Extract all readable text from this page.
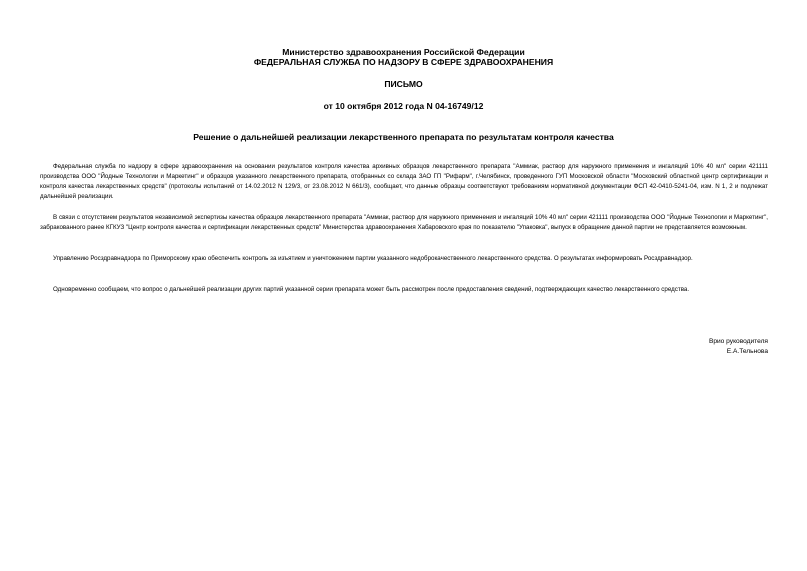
Министерство здравоохранения Российской Федерации
ФЕДЕРАЛЬНАЯ СЛУЖБА ПО НАДЗОРУ В СФЕРЕ ЗДРАВООХРАНЕНИЯ
ПИСЬМО
от 10 октября 2012 года N 04-16749/12
Решение о дальнейшей реализации лекарственного препарата по результатам контроля качества

Федеральная служба по надзору в сфере здравоохранения на основании результатов контроля качества архивных образцов лекарственного препарата "Аммиак, раствор для наружного применения и ингаляций 10% 40 мл" серии 421111 производства ООО "Йодные Технологии и Маркетинг" и образцов указанного лекарственного препарата, отобранных со склада ЗАО ГП "Рифарм", г.Челябинск, проведенного ГУП Московской области "Московский областной центр сертификации и контроля качества лекарственных средств" (протоколы испытаний от 14.02.2012 N 129/3, от 23.08.2012 N 661/3), сообщает, что данные образцы соответствуют требованиям нормативной документации ФСП 42-0410-5241-04, изм. N 1, 2 и подлежат дальнейшей реализации.

В связи с отсутствием результатов независимой экспертизы качества образцов лекарственного препарата "Аммиак, раствор для наружного применения и ингаляций 10% 40 мл" серии 421111 производства ООО "Йодные Технологии и Маркетинг", забракованного ранее КГКУЗ "Центр контроля качества и сертификации лекарственных средств" Министерства здравоохранения Хабаровского края по показателю "Упаковка", выпуск в обращение данной партии не представляется возможным.

Управлению Росздравнадзора по Приморскому краю обеспечить контроль за изъятием и уничтожением партии указанного недоброкачественного лекарственного средства. О результатах информировать Росздравнадзор.

Одновременно сообщаем, что вопрос о дальнейшей реализации других партий указанной серии препарата может быть рассмотрен после предоставления сведений, подтверждающих качество лекарственного средства.

Врио руководителя
Е.А.Тельнова
